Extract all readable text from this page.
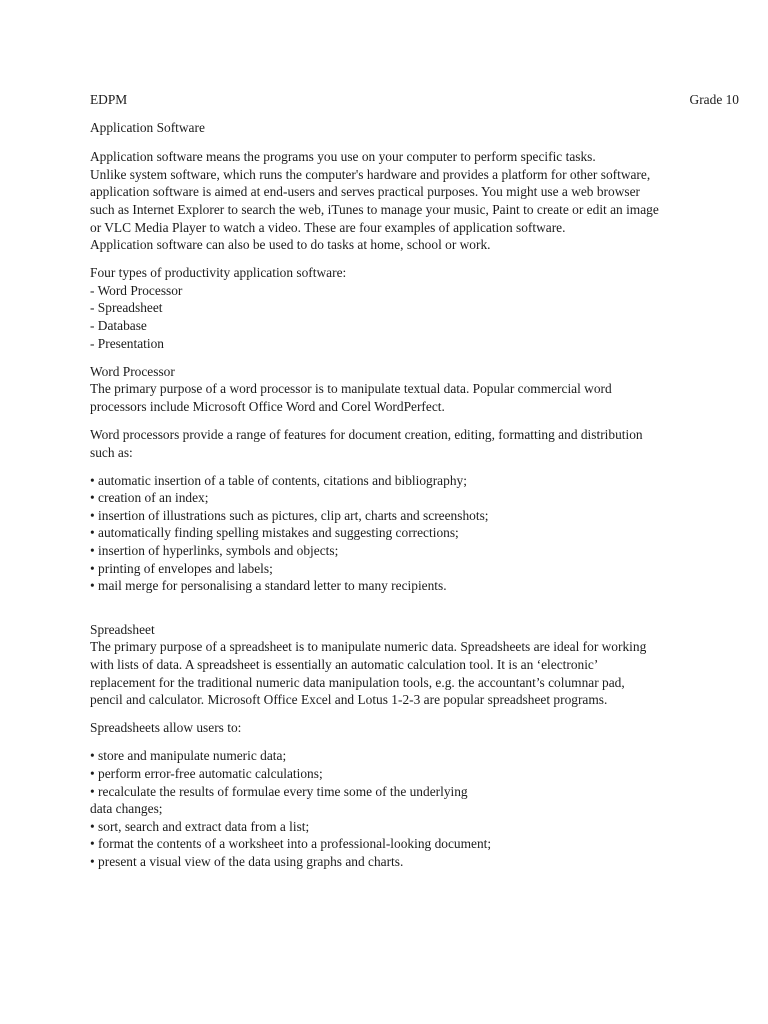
EDPM	Grade 10

Application Software

Application software means the programs you use on your computer to perform specific tasks.
Unlike system software, which runs the computer's hardware and provides a platform for other software,
application software is aimed at end-users and serves practical purposes. You might use a web browser
such as Internet Explorer to search the web, iTunes to manage your music, Paint to create or edit an image
or VLC Media Player to watch a video. These are four examples of application software.
Application software can also be used to do tasks at home, school or work.

Four types of productivity application software:
- Word Processor
- Spreadsheet
- Database
- Presentation

Word Processor
The primary purpose of a word processor is to manipulate textual data. Popular commercial word
processors include Microsoft Office Word and Corel WordPerfect.

Word processors provide a range of features for document creation, editing, formatting and distribution
such as:

• automatic insertion of a table of contents, citations and bibliography;
• creation of an index;
• insertion of illustrations such as pictures, clip art, charts and screenshots;
• automatically finding spelling mistakes and suggesting corrections;
• insertion of hyperlinks, symbols and objects;
• printing of envelopes and labels;
• mail merge for personalising a standard letter to many recipients.

Spreadsheet
The primary purpose of a spreadsheet is to manipulate numeric data. Spreadsheets are ideal for working
with lists of data. A spreadsheet is essentially an automatic calculation tool. It is an ‘electronic’
replacement for the traditional numeric data manipulation tools, e.g. the accountant’s columnar pad,
pencil and calculator. Microsoft Office Excel and Lotus 1-2-3 are popular spreadsheet programs.

Spreadsheets allow users to:

• store and manipulate numeric data;
• perform error-free automatic calculations;
• recalculate the results of formulae every time some of the underlying
data changes;
• sort, search and extract data from a list;
• format the contents of a worksheet into a professional-looking document;
• present a visual view of the data using graphs and charts.
